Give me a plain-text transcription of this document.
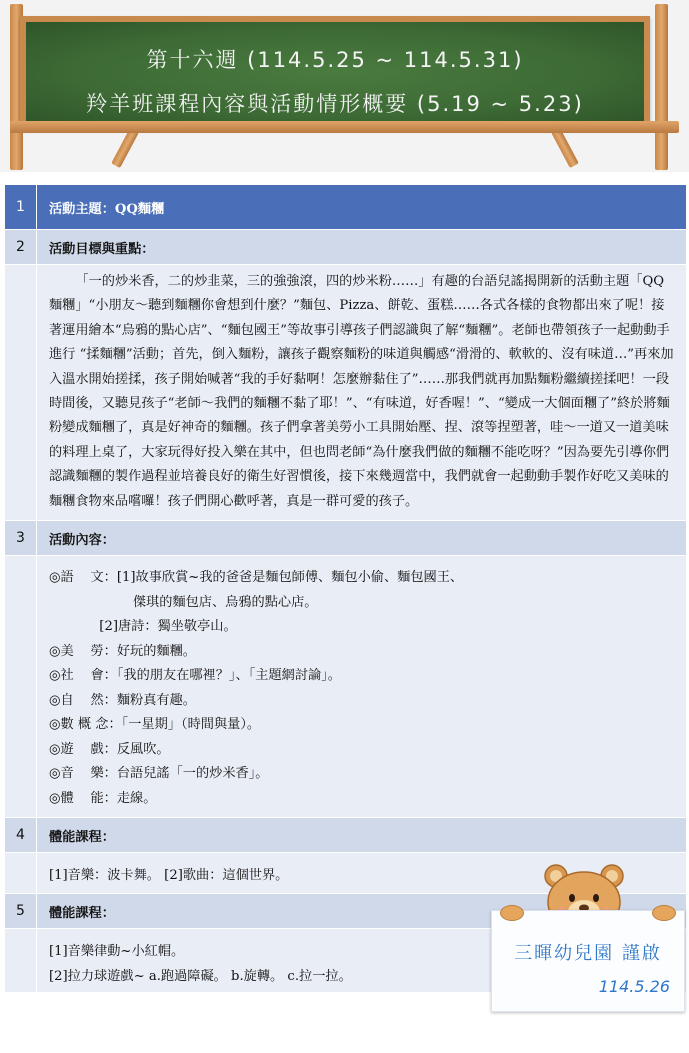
第十六週 (114.5.25 ~ 114.5.31)
羚羊班課程內容與活動情形概要 (5.19 ~ 5.23)
1	活動主題：QQ麵糰
2	活動目標與重點：
「一的炒米香，二的炒韭菜，三的強強滾，四的炒米粉……」有趣的台語兒謠揭開新的活動主題「QQ麵糰」“小朋友～聽到麵糰你會想到什麼？”麵包、Pizza、餅乾、蛋糕……各式各樣的食物都出來了呢！接著運用繪本“烏鴉的點心店”、“麵包國王”等故事引導孩子們認識與了解“麵糰”。老師也帶領孩子一起動動手進行 “揉麵糰”活動；首先，倒入麵粉，讓孩子觀察麵粉的味道與觸感“滑滑的、軟軟的、沒有味道…”再來加入溫水開始搓揉，孩子開始喊著“我的手好黏啊！怎麼辦黏住了”……那我們就再加點麵粉繼續搓揉吧！一段時間後，又聽見孩子“老師～我們的麵糰不黏了耶！”、“有味道，好香喔！”、“變成一大個面糰了”終於將麵粉變成麵糰了，真是好神奇的麵糰。孩子們拿著美勞小工具開始壓、捏、滾等捏塑著，哇～一道又一道美味的料理上桌了，大家玩得好投入樂在其中，但也問老師“為什麼我們做的麵糰不能吃呀？”因為要先引導你們認識麵糰的製作過程並培養良好的衛生好習慣後，接下來幾週當中，我們就會一起動動手製作好吃又美味的麵糰食物來品嚐囉！孩子們開心歡呼著，真是一群可愛的孩子。
3	活動內容：
◎語    文：[1]故事欣賞~我的爸爸是麵包師傅、麵包小偷、麵包國王、
傑琪的麵包店、烏鴉的點心店。
[2]唐詩：獨坐敬亭山。
◎美    勞：好玩的麵糰。
◎社    會：「我的朋友在哪裡？」、「主題網討論」。
◎自    然：麵粉真有趣。
◎數 概 念：「一星期」（時間與量）。
◎遊    戲：反風吹。
◎音    樂：台語兒謠「一的炒米香」。
◎體    能：走線。
4	體能課程：
[1]音樂：波卡舞。 [2]歌曲：這個世界。
5	體能課程：
[1]音樂律動~小紅帽。
[2]拉力球遊戲~ a.跑過障礙。 b.旋轉。 c.拉一拉。
三暉幼兒園 謹啟
114.5.26
